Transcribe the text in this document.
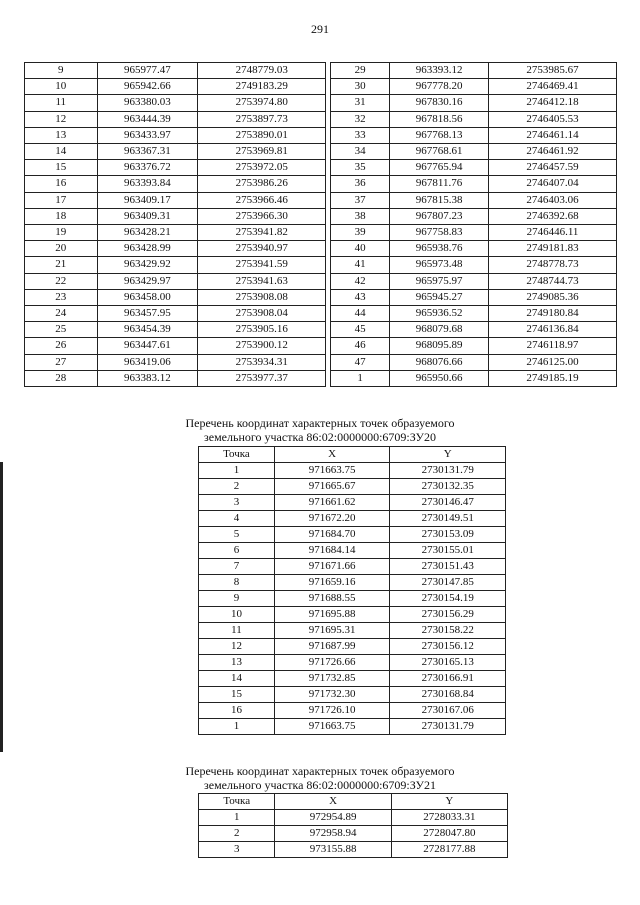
291
9	965977.47	2748779.03		29	963393.12	2753985.67
10	965942.66	2749183.29		30	967778.20	2746469.41
11	963380.03	2753974.80		31	967830.16	2746412.18
12	963444.39	2753897.73		32	967818.56	2746405.53
13	963433.97	2753890.01		33	967768.13	2746461.14
14	963367.31	2753969.81		34	967768.61	2746461.92
15	963376.72	2753972.05		35	967765.94	2746457.59
16	963393.84	2753986.26		36	967811.76	2746407.04
17	963409.17	2753966.46		37	967815.38	2746403.06
18	963409.31	2753966.30		38	967807.23	2746392.68
19	963428.21	2753941.82		39	967758.83	2746446.11
20	963428.99	2753940.97		40	965938.76	2749181.83
21	963429.92	2753941.59		41	965973.48	2748778.73
22	963429.97	2753941.63		42	965975.97	2748744.73
23	963458.00	2753908.08		43	965945.27	2749085.36
24	963457.95	2753908.04		44	965936.52	2749180.84
25	963454.39	2753905.16		45	968079.68	2746136.84
26	963447.61	2753900.12		46	968095.89	2746118.97
27	963419.06	2753934.31		47	968076.66	2746125.00
28	963383.12	2753977.37		1	965950.66	2749185.19
Перечень координат характерных точек образуемого
земельного участка 86:02:0000000:6709:ЗУ20
Точка	X	Y
1	971663.75	2730131.79
2	971665.67	2730132.35
3	971661.62	2730146.47
4	971672.20	2730149.51
5	971684.70	2730153.09
6	971684.14	2730155.01
7	971671.66	2730151.43
8	971659.16	2730147.85
9	971688.55	2730154.19
10	971695.88	2730156.29
11	971695.31	2730158.22
12	971687.99	2730156.12
13	971726.66	2730165.13
14	971732.85	2730166.91
15	971732.30	2730168.84
16	971726.10	2730167.06
1	971663.75	2730131.79
Перечень координат характерных точек образуемого
земельного участка 86:02:0000000:6709:ЗУ21
Точка	X	Y
1	972954.89	2728033.31
2	972958.94	2728047.80
3	973155.88	2728177.88
